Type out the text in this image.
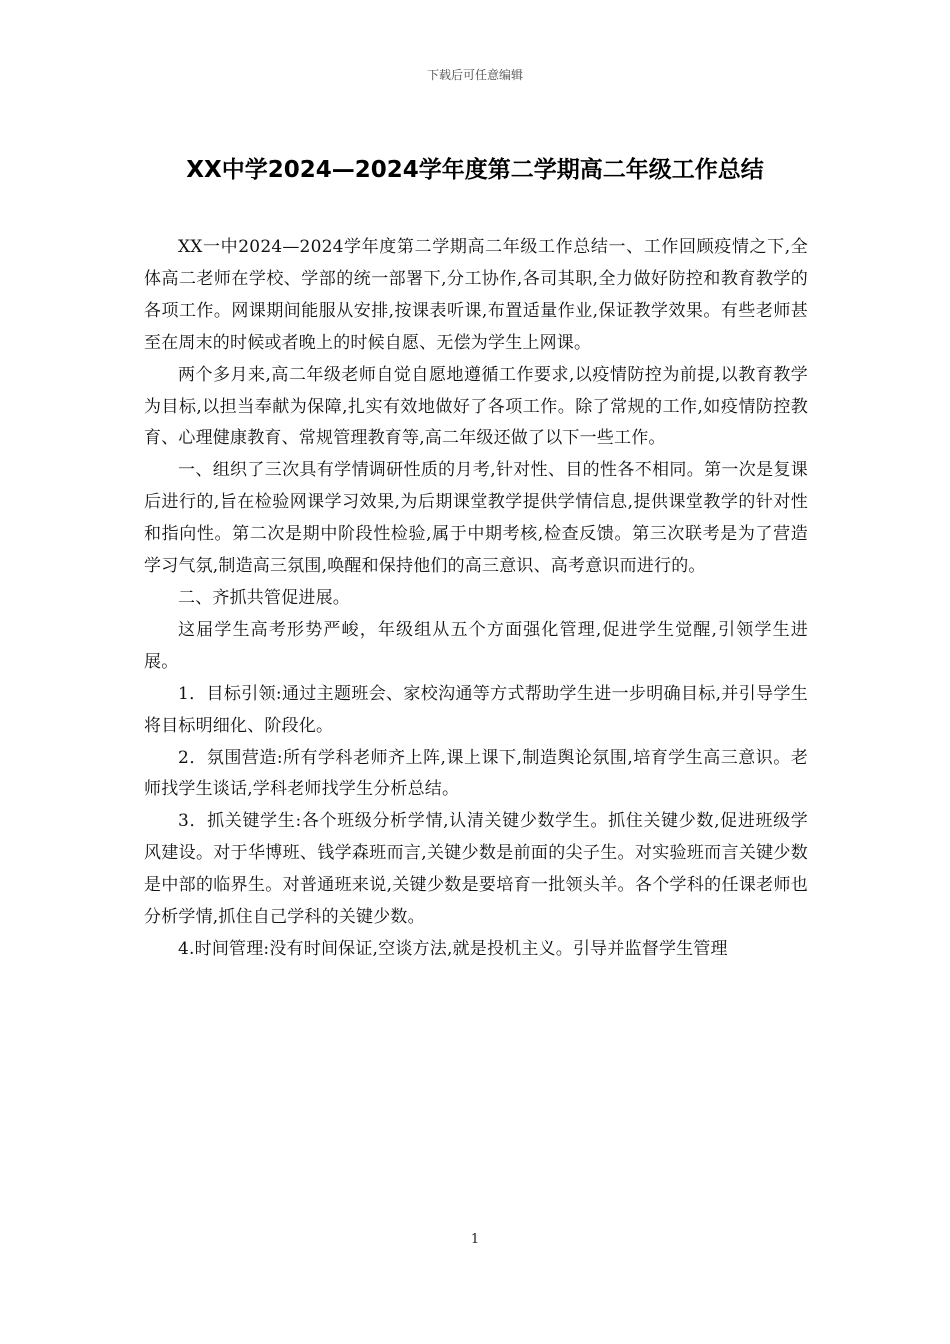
下载后可任意编辑
XX中学2024—2024学年度第二学期高二年级工作总结

XX一中2024—2024学年度第二学期高二年级工作总结一、工作回顾疫情之下,全体高二老师在学校、学部的统一部署下,分工协作,各司其职,全力做好防控和教育教学的各项工作。网课期间能服从安排,按课表听课,布置适量作业,保证教学效果。有些老师甚至在周末的时候或者晚上的时候自愿、无偿为学生上网课。

两个多月来,高二年级老师自觉自愿地遵循工作要求,以疫情防控为前提,以教育教学为目标,以担当奉献为保障,扎实有效地做好了各项工作。除了常规的工作,如疫情防控教育、心理健康教育、常规管理教育等,高二年级还做了以下一些工作。

一、组织了三次具有学情调研性质的月考,针对性、目的性各不相同。第一次是复课后进行的,旨在检验网课学习效果,为后期课堂教学提供学情信息,提供课堂教学的针对性和指向性。第二次是期中阶段性检验,属于中期考核,检查反馈。第三次联考是为了营造学习气氛,制造高三氛围,唤醒和保持他们的高三意识、高考意识而进行的。

二、齐抓共管促进展。

这届学生高考形势严峻，年级组从五个方面强化管理,促进学生觉醒,引领学生进展。

1．目标引领:通过主题班会、家校沟通等方式帮助学生进一步明确目标,并引导学生将目标明细化、阶段化。

2．氛围营造:所有学科老师齐上阵,课上课下,制造舆论氛围,培育学生高三意识。老师找学生谈话,学科老师找学生分析总结。

3．抓关键学生:各个班级分析学情,认清关键少数学生。抓住关键少数,促进班级学风建设。对于华博班、钱学森班而言,关键少数是前面的尖子生。对实验班而言关键少数是中部的临界生。对普通班来说,关键少数是要培育一批领头羊。各个学科的任课老师也分析学情,抓住自己学科的关键少数。

4.时间管理:没有时间保证,空谈方法,就是投机主义。引导并监督学生管理

1
